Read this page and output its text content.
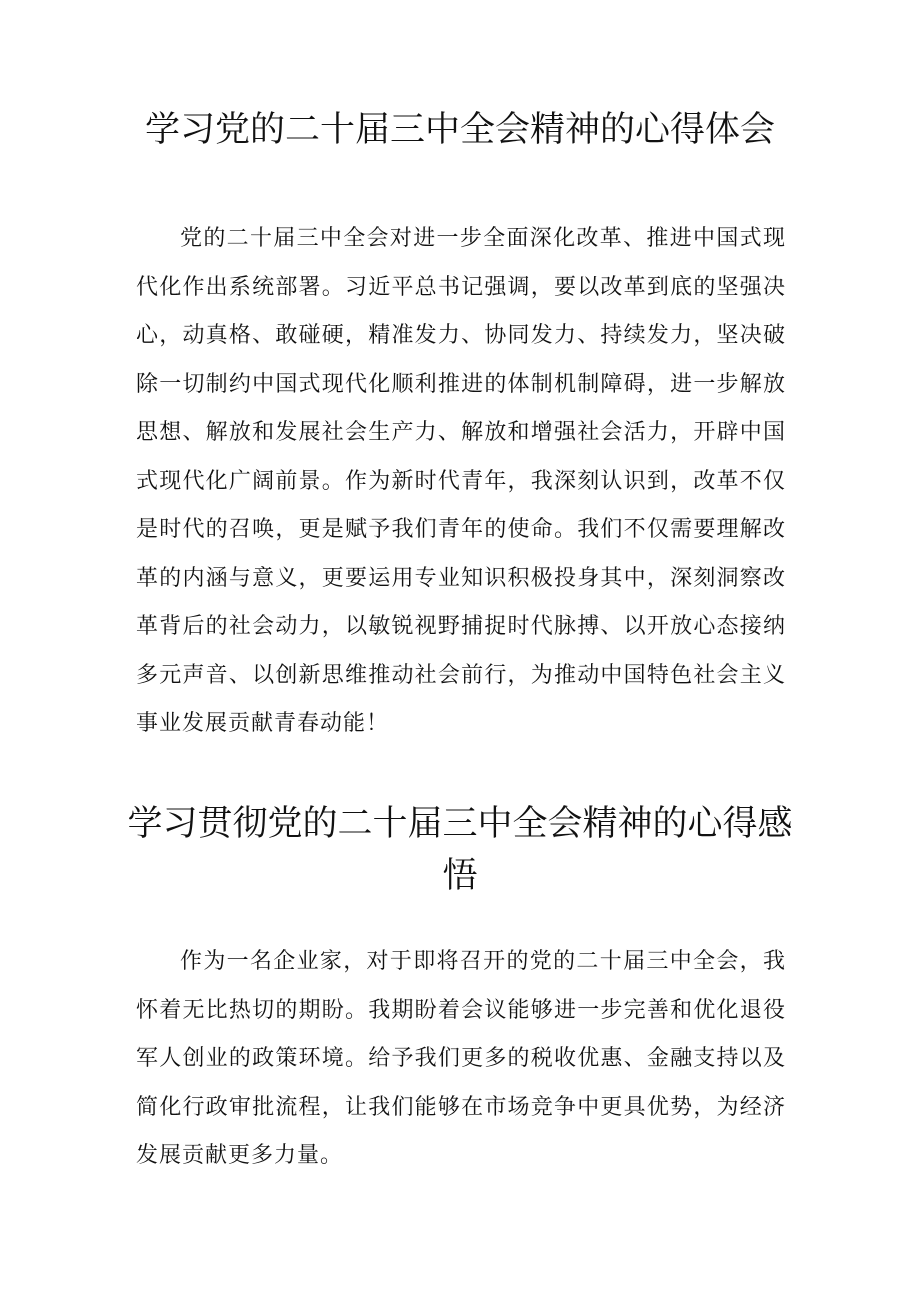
学习党的二十届三中全会精神的心得体会

党的二十届三中全会对进一步全面深化改革、推进中国式现代化作出系统部署。习近平总书记强调，要以改革到底的坚强决心，动真格、敢碰硬，精准发力、协同发力、持续发力，坚决破除一切制约中国式现代化顺利推进的体制机制障碍，进一步解放思想、解放和发展社会生产力、解放和增强社会活力，开辟中国式现代化广阔前景。作为新时代青年，我深刻认识到，改革不仅是时代的召唤，更是赋予我们青年的使命。我们不仅需要理解改革的内涵与意义，更要运用专业知识积极投身其中，深刻洞察改革背后的社会动力，以敏锐视野捕捉时代脉搏、以开放心态接纳多元声音、以创新思维推动社会前行，为推动中国特色社会主义事业发展贡献青春动能！

学习贯彻党的二十届三中全会精神的心得感悟

作为一名企业家，对于即将召开的党的二十届三中全会，我怀着无比热切的期盼。我期盼着会议能够进一步完善和优化退役军人创业的政策环境。给予我们更多的税收优惠、金融支持以及简化行政审批流程，让我们能够在市场竞争中更具优势，为经济发展贡献更多力量。
